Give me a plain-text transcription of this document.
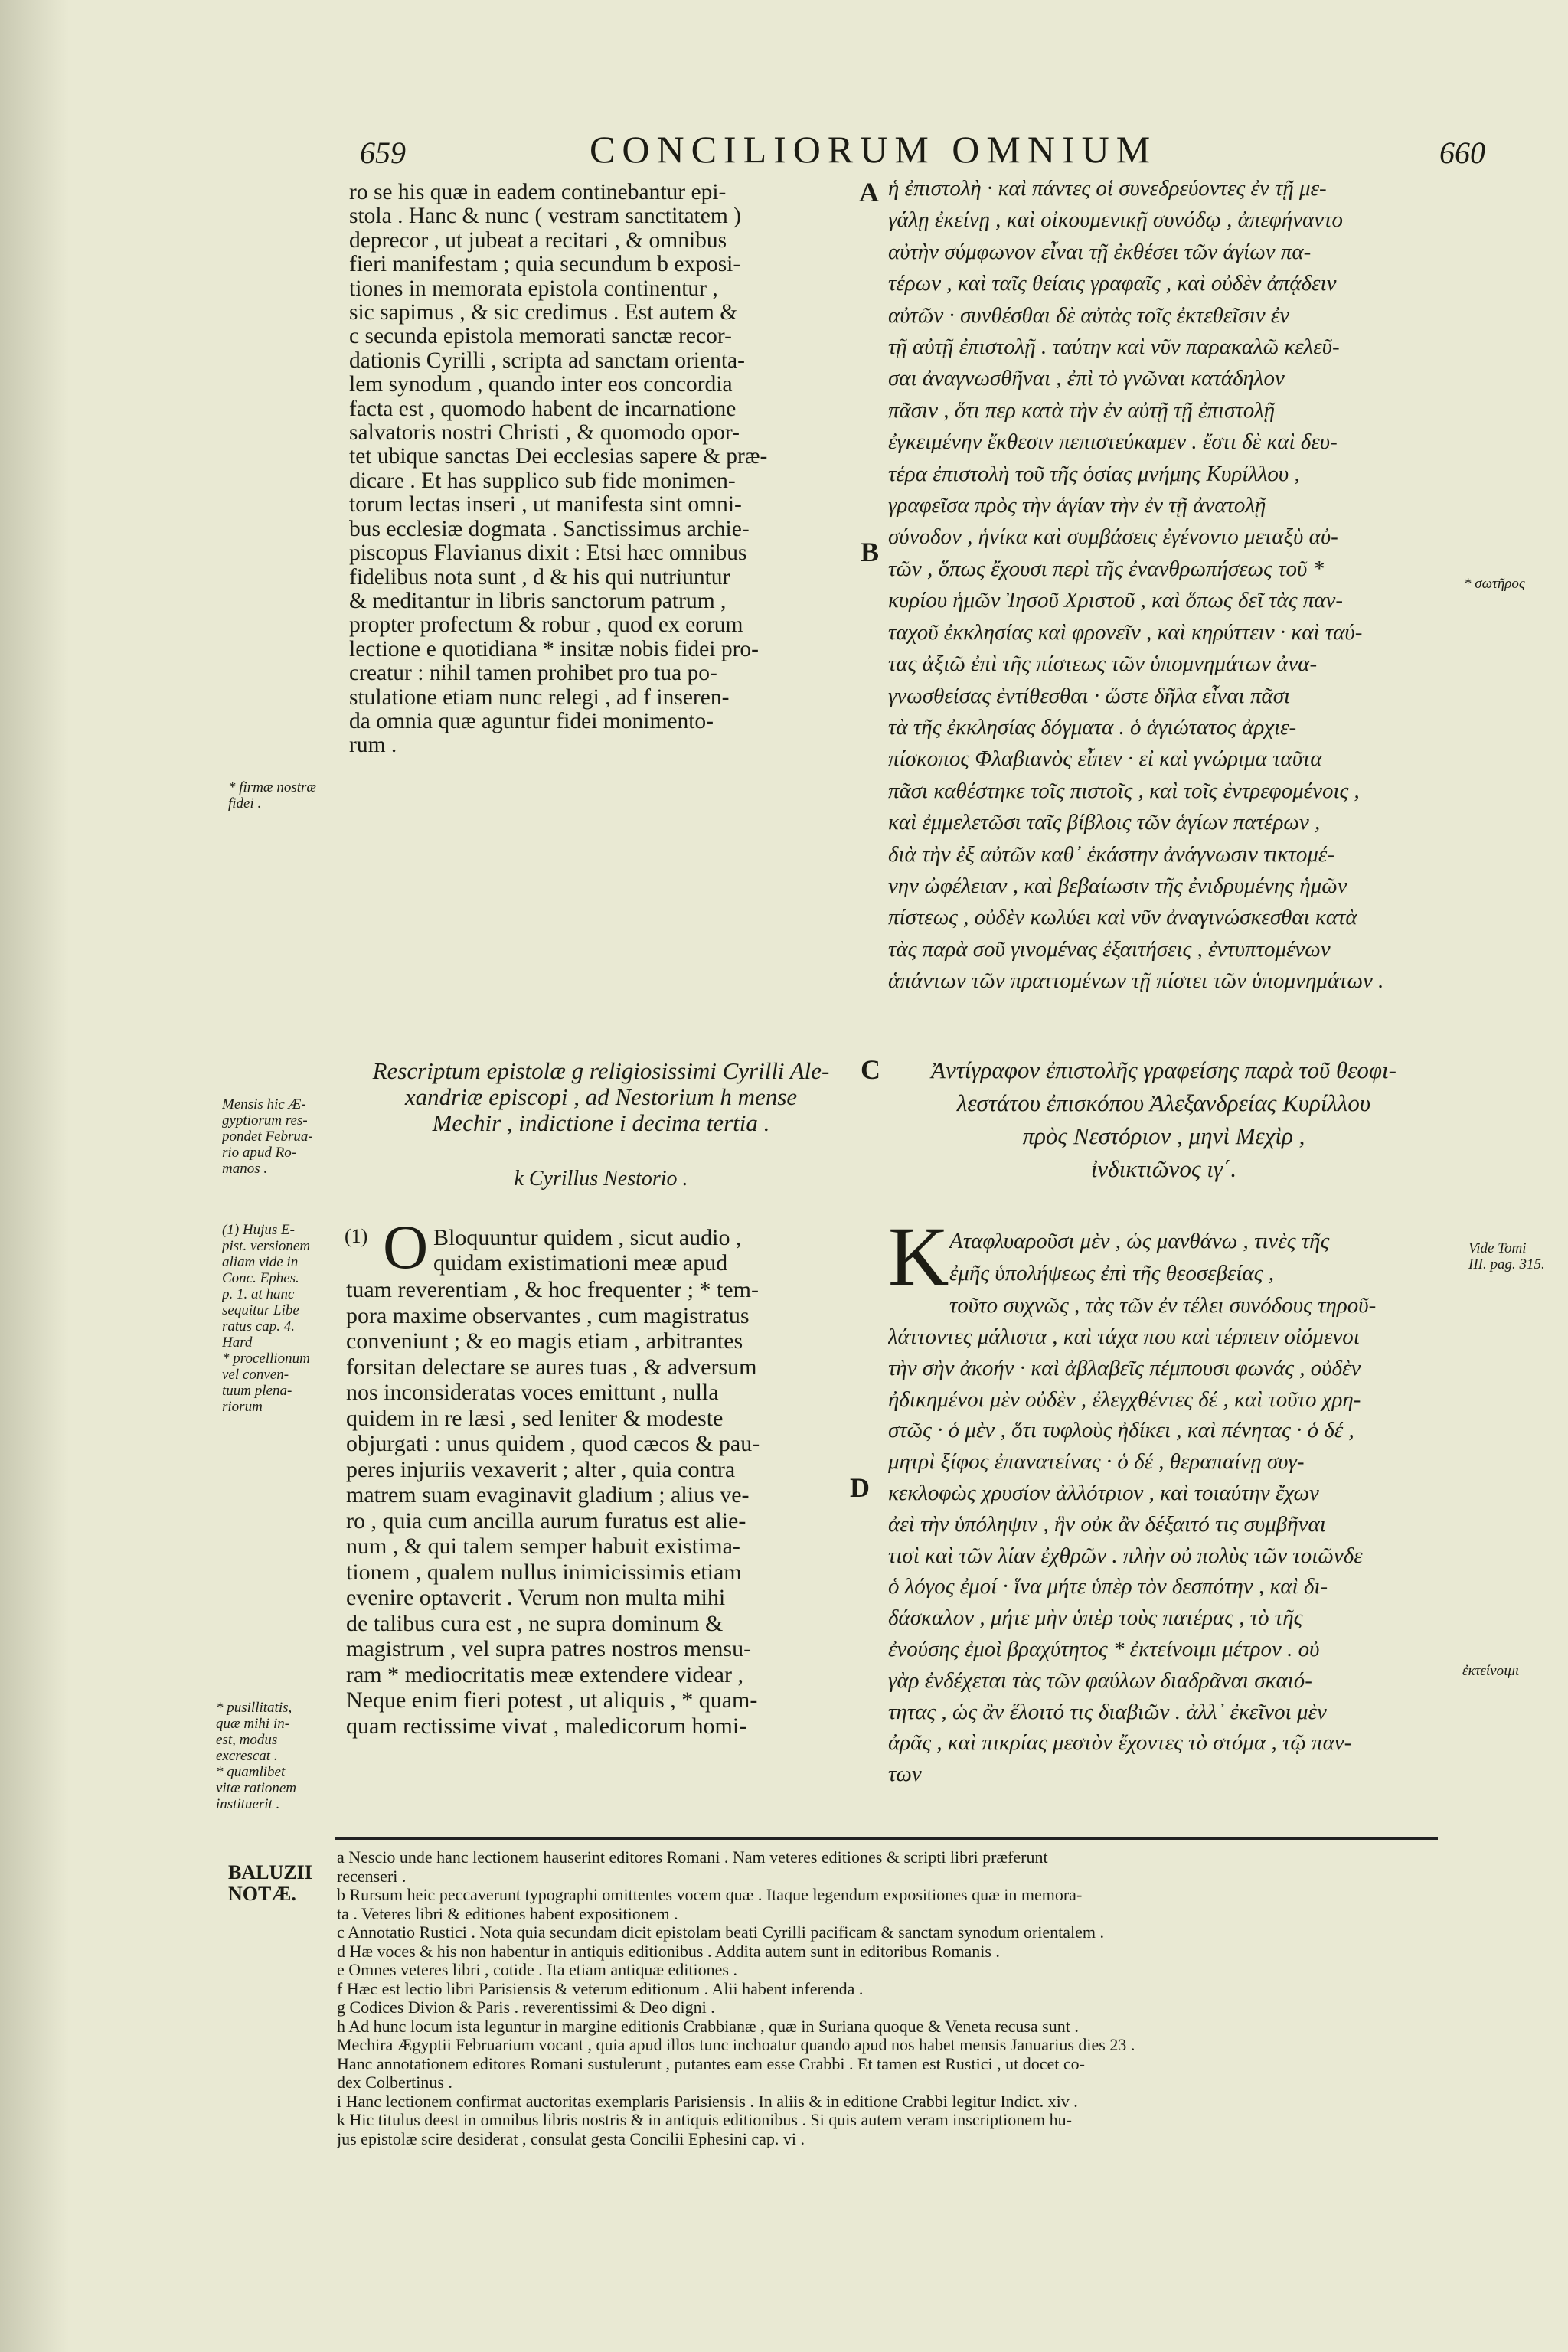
659	CONCILIORUM OMNIUM	660
ro se his quæ in eadem continebantur epi-
stola . Hanc & nunc ( vestram sanctitatem )
deprecor , ut jubeat a recitari , & omnibus
fieri manifestam ; quia secundum b exposi-
tiones in memorata epistola continentur ,
sic sapimus , & sic credimus . Est autem &
c secunda epistola memorati sanctæ recor-
dationis Cyrilli , scripta ad sanctam orienta-
lem synodum , quando inter eos concordia
facta est , quomodo habent de incarnatione
salvatoris nostri Christi , & quomodo opor-
tet ubique sanctas Dei ecclesias sapere & præ-
dicare . Et has supplico sub fide monimen-
torum lectas inseri , ut manifesta sint omni-
bus ecclesiæ dogmata . Sanctissimus archie-
piscopus Flavianus dixit : Etsi hæc omnibus
fidelibus nota sunt , d & his qui nutriuntur
& meditantur in libris sanctorum patrum ,
propter profectum & robur , quod ex eorum
lectione e quotidiana * insitæ nobis fidei pro-
creatur : nihil tamen prohibet pro tua po-
stulatione etiam nunc relegi , ad f inseren-
da omnia quæ aguntur fidei monimento-
rum .
ἡ ἐπιστολὴ · καὶ πάντες οἱ συνεδρεύοντες ἐν τῇ με-
γάλῃ ἐκείνῃ , καὶ οἰκουμενικῇ συνόδῳ , ἀπεφήναντο
αὐτὴν σύμφωνον εἶναι τῇ ἐκθέσει τῶν ἁγίων πα-
τέρων , καὶ ταῖς θείαις γραφαῖς , καὶ οὐδὲν ἀπᾴδειν
αὐτῶν · συνθέσθαι δὲ αὐτὰς τοῖς ἐκτεθεῖσιν ἐν
τῇ αὐτῇ ἐπιστολῇ . ταύτην καὶ νῦν παρακαλῶ κελεῦ-
σαι ἀναγνωσθῆναι , ἐπὶ τὸ γνῶναι κατάδηλον
πᾶσιν , ὅτι περ κατὰ τὴν ἐν αὐτῇ τῇ ἐπιστολῇ
ἐγκειμένην ἔκθεσιν πεπιστεύκαμεν . ἔστι δὲ καὶ δευ-
τέρα ἐπιστολὴ τοῦ τῆς ὁσίας μνήμης Κυρίλλου ,
γραφεῖσα πρὸς τὴν ἁγίαν τὴν ἐν τῇ ἀνατολῇ
σύνοδον , ἡνίκα καὶ συμβάσεις ἐγένοντο μεταξὺ αὐ-
τῶν , ὅπως ἔχουσι περὶ τῆς ἐνανθρωπήσεως τοῦ *
κυρίου ἡμῶν Ἰησοῦ Χριστοῦ , καὶ ὅπως δεῖ τὰς παν-
ταχοῦ ἐκκλησίας καὶ φρονεῖν , καὶ κηρύττειν · καὶ ταύ-
τας ἀξιῶ ἐπὶ τῆς πίστεως τῶν ὑπομνημάτων ἀνα-
γνωσθείσας ἐντίθεσθαι · ὥστε δῆλα εἶναι πᾶσι
τὰ τῆς ἐκκλησίας δόγματα . ὁ ἁγιώτατος ἀρχιε-
πίσκοπος Φλαβιανὸς εἶπεν · εἰ καὶ γνώριμα ταῦτα
πᾶσι καθέστηκε τοῖς πιστοῖς , καὶ τοῖς ἐντρεφομένοις ,
καὶ ἐμμελετῶσι ταῖς βίβλοις τῶν ἁγίων πατέρων ,
διὰ τὴν ἐξ αὐτῶν καθ᾽ ἑκάστην ἀνάγνωσιν τικτομέ-
νην ὠφέλειαν , καὶ βεβαίωσιν τῆς ἐνιδρυμένης ἡμῶν
πίστεως , οὐδὲν κωλύει καὶ νῦν ἀναγινώσκεσθαι κατὰ
τὰς παρὰ σοῦ γινομένας ἐξαιτήσεις , ἐντυπτομένων
ἁπάντων τῶν πραττομένων τῇ πίστει τῶν ὑπομνημάτων .
A
B
C
D
* firmæ nostræ
fidei .
* σωτῆρος
Mensis hic Æ-
gyptiorum res-
pondet Februa-
rio apud Ro-
manos .
(1) Hujus E-
pist. versionem
aliam vide in
Conc. Ephes.
p. 1. at hanc
sequitur Libe
ratus cap. 4.
Hard
* procellionum
vel conven-
tuum plena-
riorum
Vide Tomi
III. pag. 315.
* pusillitatis,
quæ mihi in-
est, modus
excrescat .
* quamlibet
vitæ rationem
instituerit .
ἐκτείνοιμι
Rescriptum epistolæ g religiosissimi Cyrilli Ale-
xandriæ episcopi , ad Nestorium h mense
Mechir , indictione i decima tertia .
k Cyrillus Nestorio .
Ἀντίγραφον ἐπιστολῆς γραφείσης παρὰ τοῦ θεοφι-
λεστάτου ἐπισκόπου Ἀλεξανδρείας Κυρίλλου
πρὸς Νεστόριον , μηνὶ Μεχὶρ ,
ἰνδικτιῶνος ιγ΄.
(1) O Bloquuntur quidem , sicut audio ,
quidam existimationi meæ apud
tuam reverentiam , & hoc frequenter ; * tem-
pora maxime observantes , cum magistratus
conveniunt ; & eo magis etiam , arbitrantes
forsitan delectare se aures tuas , & adversum
nos inconsideratas voces emittunt , nulla
quidem in re læsi , sed leniter & modeste
objurgati : unus quidem , quod cæcos & pau-
peres injuriis vexaverit ; alter , quia contra
matrem suam evaginavit gladium ; alius ve-
ro , quia cum ancilla aurum furatus est alie-
num , & qui talem semper habuit existima-
tionem , qualem nullus inimicissimis etiam
evenire optaverit . Verum non multa mihi
de talibus cura est , ne supra dominum &
magistrum , vel supra patres nostros mensu-
ram * mediocritatis meæ extendere videar ,
Neque enim fieri potest , ut aliquis , * quam-
quam rectissime vivat , maledicorum homi-
K Αταφλυαροῦσι μὲν , ὡς μανθάνω , τινὲς τῆς
ἐμῆς ὑπολήψεως ἐπὶ τῆς θεοσεβείας ,
τοῦτο συχνῶς , τὰς τῶν ἐν τέλει συνόδους τηροῦ-
λάττοντες μάλιστα , καὶ τάχα που καὶ τέρπειν οἰόμενοι
τὴν σὴν ἀκοήν · καὶ ἀβλαβεῖς πέμπουσι φωνάς , οὐδὲν
ἠδικημένοι μὲν οὐδὲν , ἐλεγχθέντες δέ , καὶ τοῦτο χρη-
στῶς · ὁ μὲν , ὅτι τυφλοὺς ἠδίκει , καὶ πένητας · ὁ δέ ,
μητρὶ ξίφος ἐπανατείνας · ὁ δέ , θεραπαίνῃ συγ-
κεκλοφὼς χρυσίον ἀλλότριον , καὶ τοιαύτην ἔχων
ἀεὶ τὴν ὑπόληψιν , ἣν οὐκ ἂν δέξαιτό τις συμβῆναι
τισὶ καὶ τῶν λίαν ἐχθρῶν . πλὴν οὐ πολὺς τῶν τοιῶνδε
ὁ λόγος ἐμοί · ἵνα μήτε ὑπὲρ τὸν δεσπότην , καὶ δι-
δάσκαλον , μήτε μὴν ὑπὲρ τοὺς πατέρας , τὸ τῆς
ἐνούσης ἐμοὶ βραχύτητος * ἐκτείνοιμι μέτρον . οὐ
γὰρ ἐνδέχεται τὰς τῶν φαύλων διαδρᾶναι σκαιό-
τητας , ὡς ἂν ἕλοιτό τις διαβιῶν . ἀλλ᾽ ἐκεῖνοι μὲν
ἀρᾶς , καὶ πικρίας μεστὸν ἔχοντες τὸ στόμα , τῷ παν-
των
BALUZII
NOTÆ.
a Nescio unde hanc lectionem hauserint editores Romani . Nam veteres editiones & scripti libri præferunt
recenseri .
b Rursum heic peccaverunt typographi omittentes vocem quæ . Itaque legendum expositiones quæ in memora-
ta . Veteres libri & editiones habent expositionem .
c Annotatio Rustici . Nota quia secundam dicit epistolam beati Cyrilli pacificam & sanctam synodum orientalem .
d Hæ voces & his non habentur in antiquis editionibus . Addita autem sunt in editoribus Romanis .
e Omnes veteres libri , cotide . Ita etiam antiquæ editiones .
f Hæc est lectio libri Parisiensis & veterum editionum . Alii habent inferenda .
g Codices Divion & Paris . reverentissimi & Deo digni .
h Ad hunc locum ista leguntur in margine editionis Crabbianæ , quæ in Suriana quoque & Veneta recusa sunt .
Mechira Ægyptii Februarium vocant , quia apud illos tunc inchoatur quando apud nos habet mensis Januarius dies 23 .
Hanc annotationem editores Romani sustulerunt , putantes eam esse Crabbi . Et tamen est Rustici , ut docet co-
dex Colbertinus .
i Hanc lectionem confirmat auctoritas exemplaris Parisiensis . In aliis & in editione Crabbi legitur Indict. xiv .
k Hic titulus deest in omnibus libris nostris & in antiquis editionibus . Si quis autem veram inscriptionem hu-
jus epistolæ scire desiderat , consulat gesta Concilii Ephesini cap. vi .
